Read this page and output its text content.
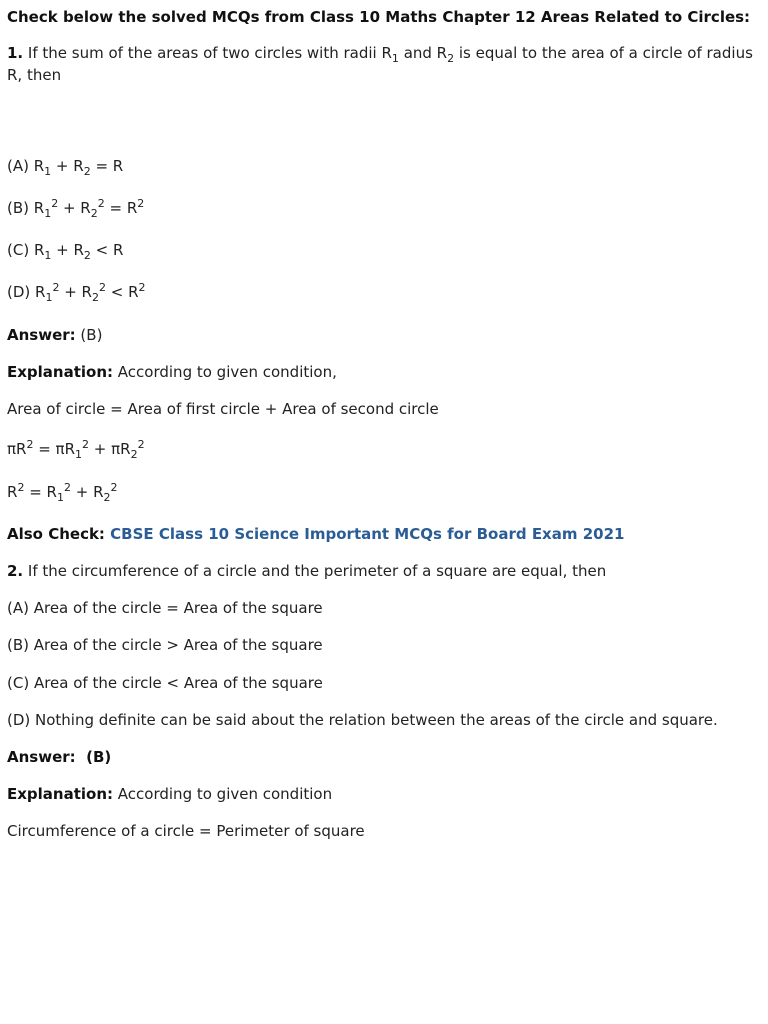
Check below the solved MCQs from Class 10 Maths Chapter 12 Areas Related to Circles:
1. If the sum of the areas of two circles with radii $R_1$ and $R_2$ is equal to the area of a circle of radius R, then
(A) $R_1 + R_2 = R$
(B) $R_1^2 + R_2^2 = R^2$
(C) $R_1 + R_2 < R$
(D) $R_1^2 + R_2^2 < R^2$
Answer: (B)
Explanation: According to given condition,
Area of circle = Area of first circle + Area of second circle
$\pi R^2 = \pi R_1^2 + \pi R_2^2$
$R^2 = R_1^2 + R_2^2$
Also Check: CBSE Class 10 Science Important MCQs for Board Exam 2021
2. If the circumference of a circle and the perimeter of a square are equal, then
(A) Area of the circle = Area of the square
(B) Area of the circle > Area of the square
(C) Area of the circle < Area of the square
(D) Nothing definite can be said about the relation between the areas of the circle and square.
Answer:  (B)
Explanation: According to given condition
Circumference of a circle = Perimeter of square
